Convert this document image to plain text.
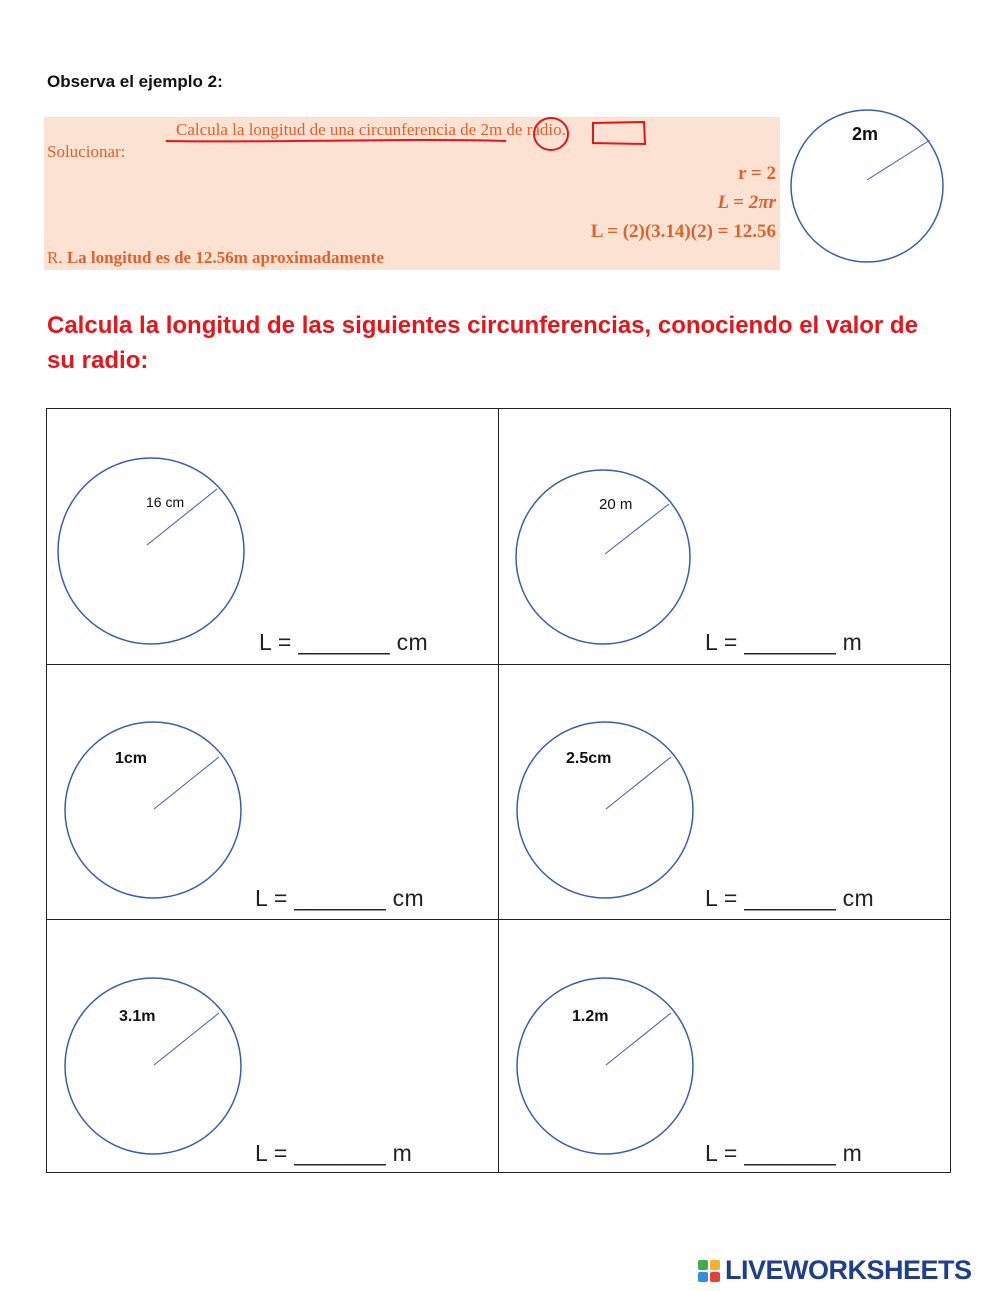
Observa el ejemplo 2:

Calcula la longitud de una circunferencia de 2m de radio.
Solucionar:
r = 2
L = 2πr
L = (2)(3.14)(2) = 12.56
R. La longitud es de 12.56m aproximadamente
2m

Calcula la longitud de las siguientes circunferencias, conociendo el valor de su radio:

16 cm
L = _______ cm
20 m
L = _______ m
1cm
L = _______ cm
2.5cm
L = _______ cm
3.1m
L = _______ m
1.2m
L = _______ m
LIVEWORKSHEETS
